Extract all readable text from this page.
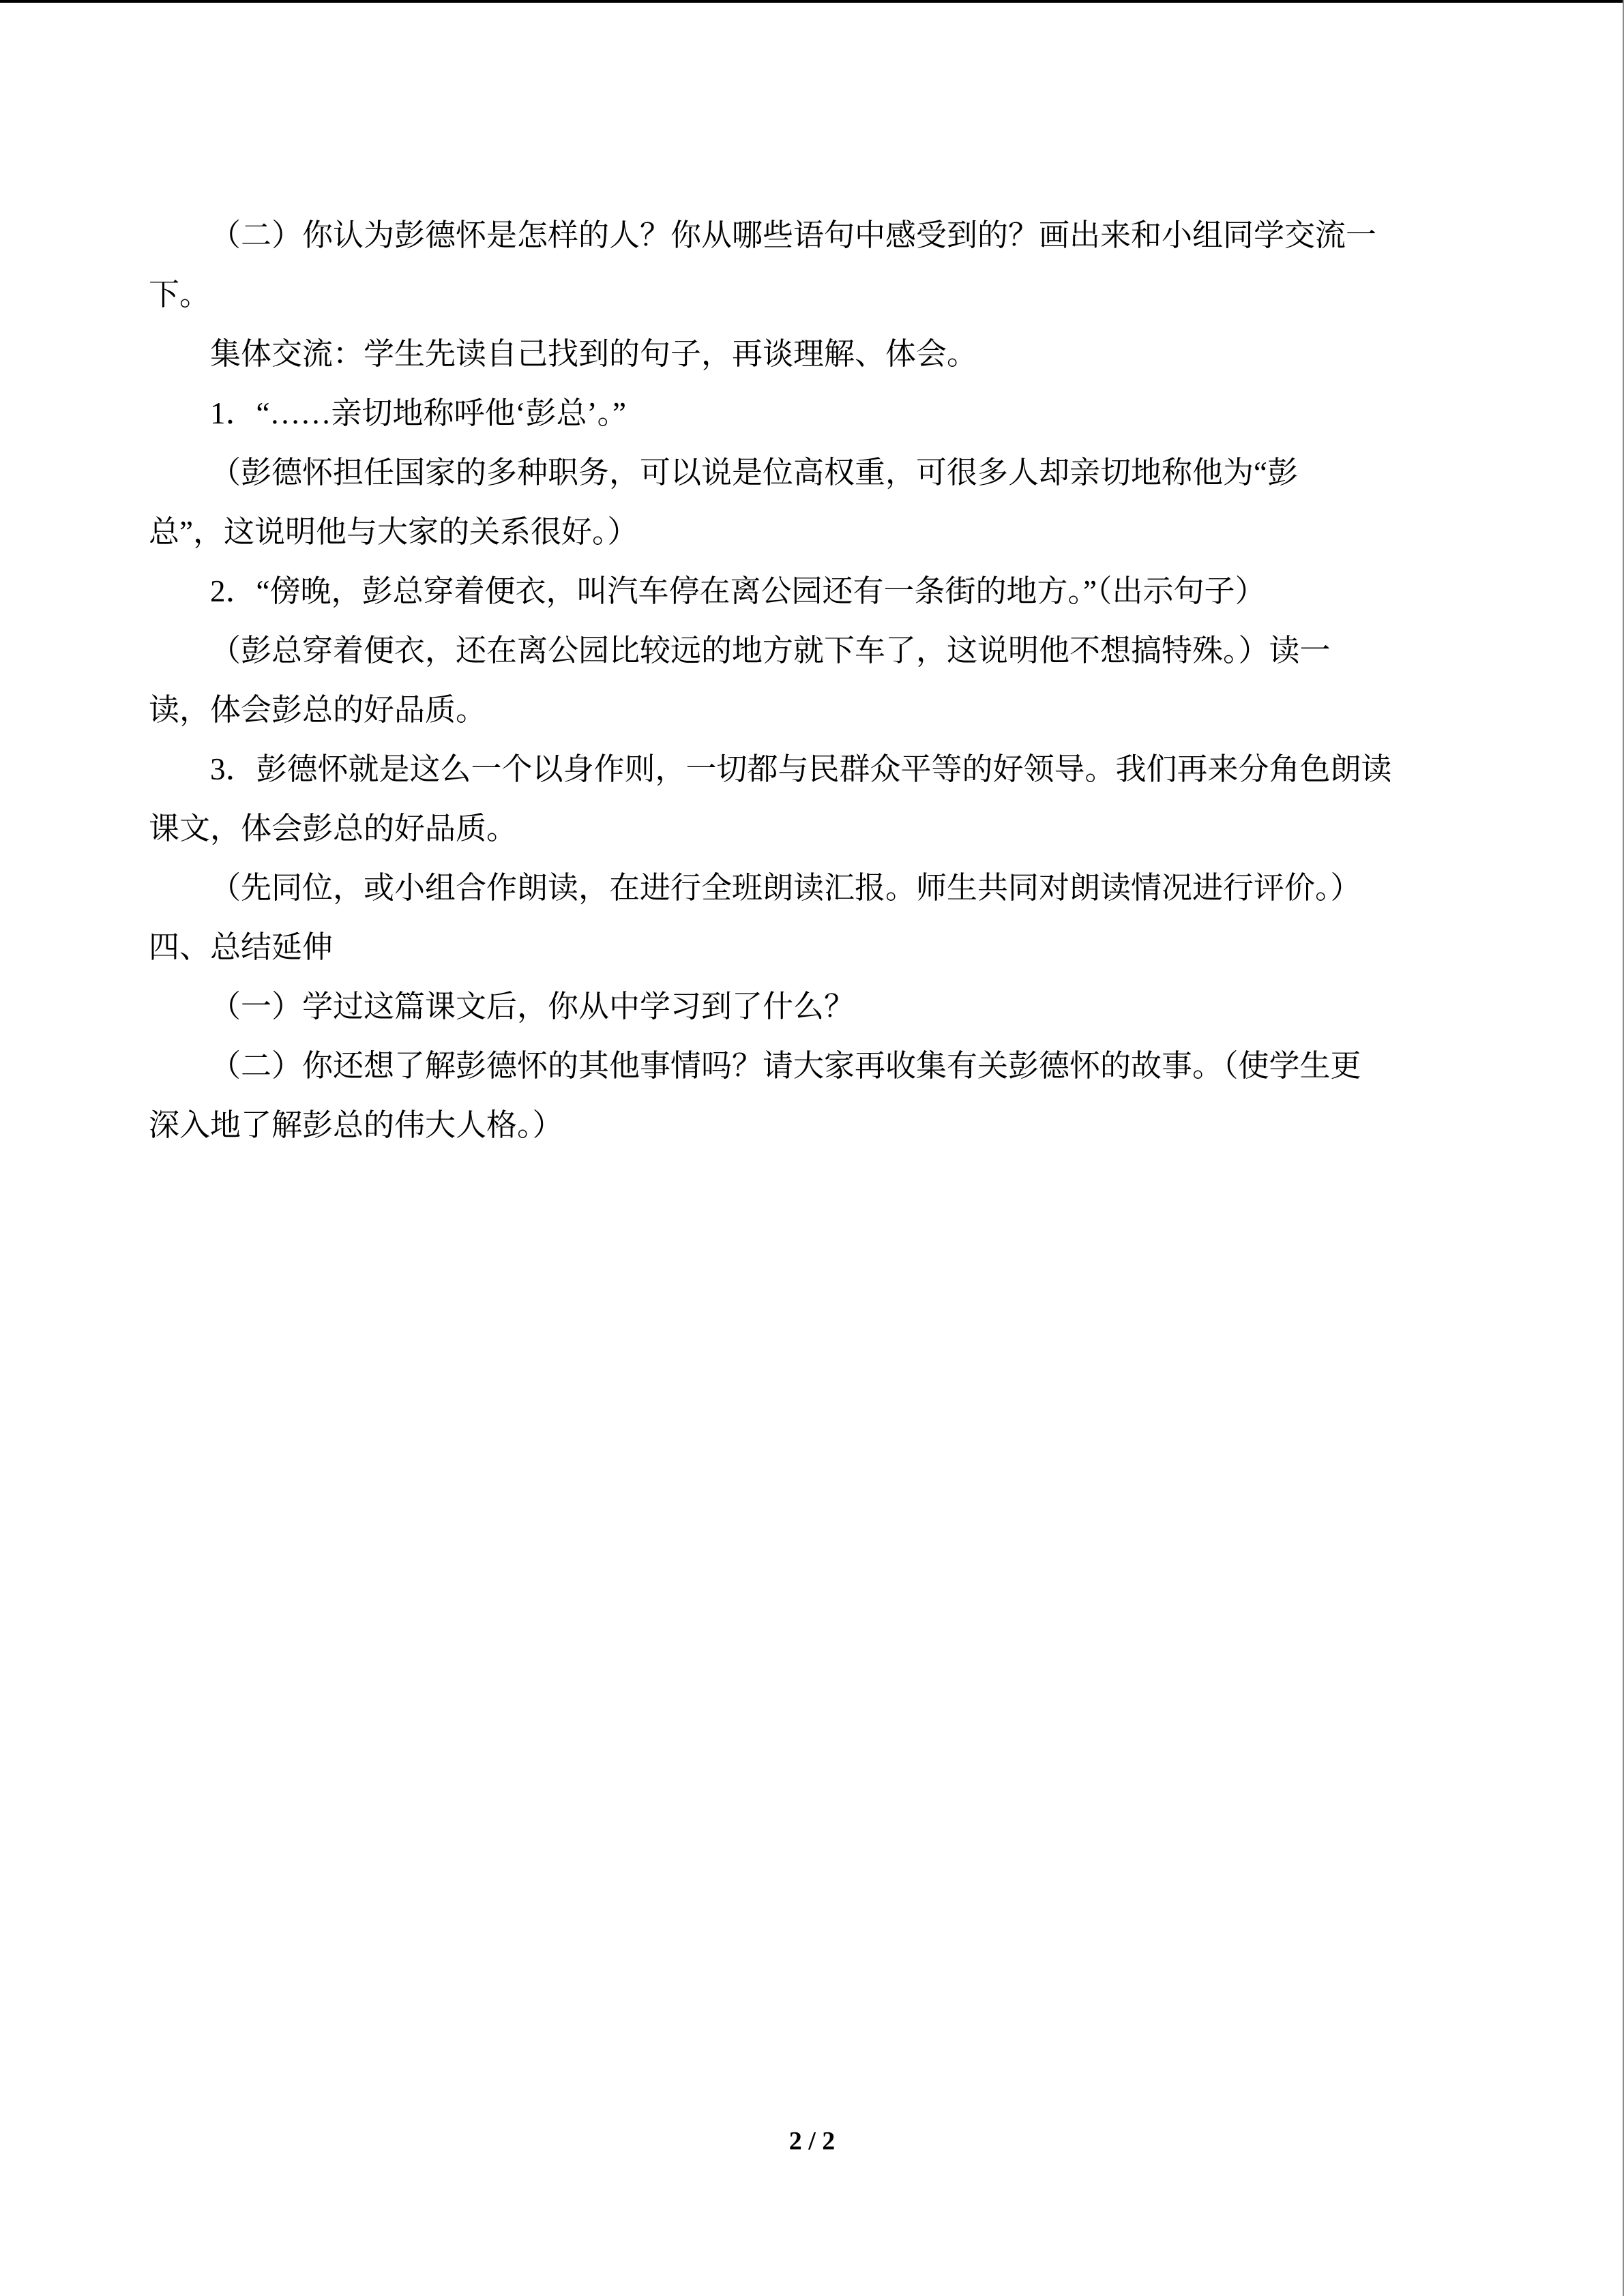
（二）你认为彭德怀是怎样的人？你从哪些语句中感受到的？画出来和小组同学交流一
下。
集体交流：学生先读自己找到的句子，再谈理解、体会。
1．“……亲切地称呼他‘彭总’。”
（彭德怀担任国家的多种职务，可以说是位高权重，可很多人却亲切地称他为“彭
总”，这说明他与大家的关系很好。）
2．“傍晚，彭总穿着便衣，叫汽车停在离公园还有一条街的地方。”（出示句子）
（彭总穿着便衣，还在离公园比较远的地方就下车了，这说明他不想搞特殊。）读一
读，体会彭总的好品质。
3．彭德怀就是这么一个以身作则，一切都与民群众平等的好领导。我们再来分角色朗读
课文，体会彭总的好品质。
（先同位，或小组合作朗读，在进行全班朗读汇报。师生共同对朗读情况进行评价。）
四、总结延伸
（一）学过这篇课文后，你从中学习到了什么？
（二）你还想了解彭德怀的其他事情吗？请大家再收集有关彭德怀的故事。（使学生更
深入地了解彭总的伟大人格。）
2 / 2
